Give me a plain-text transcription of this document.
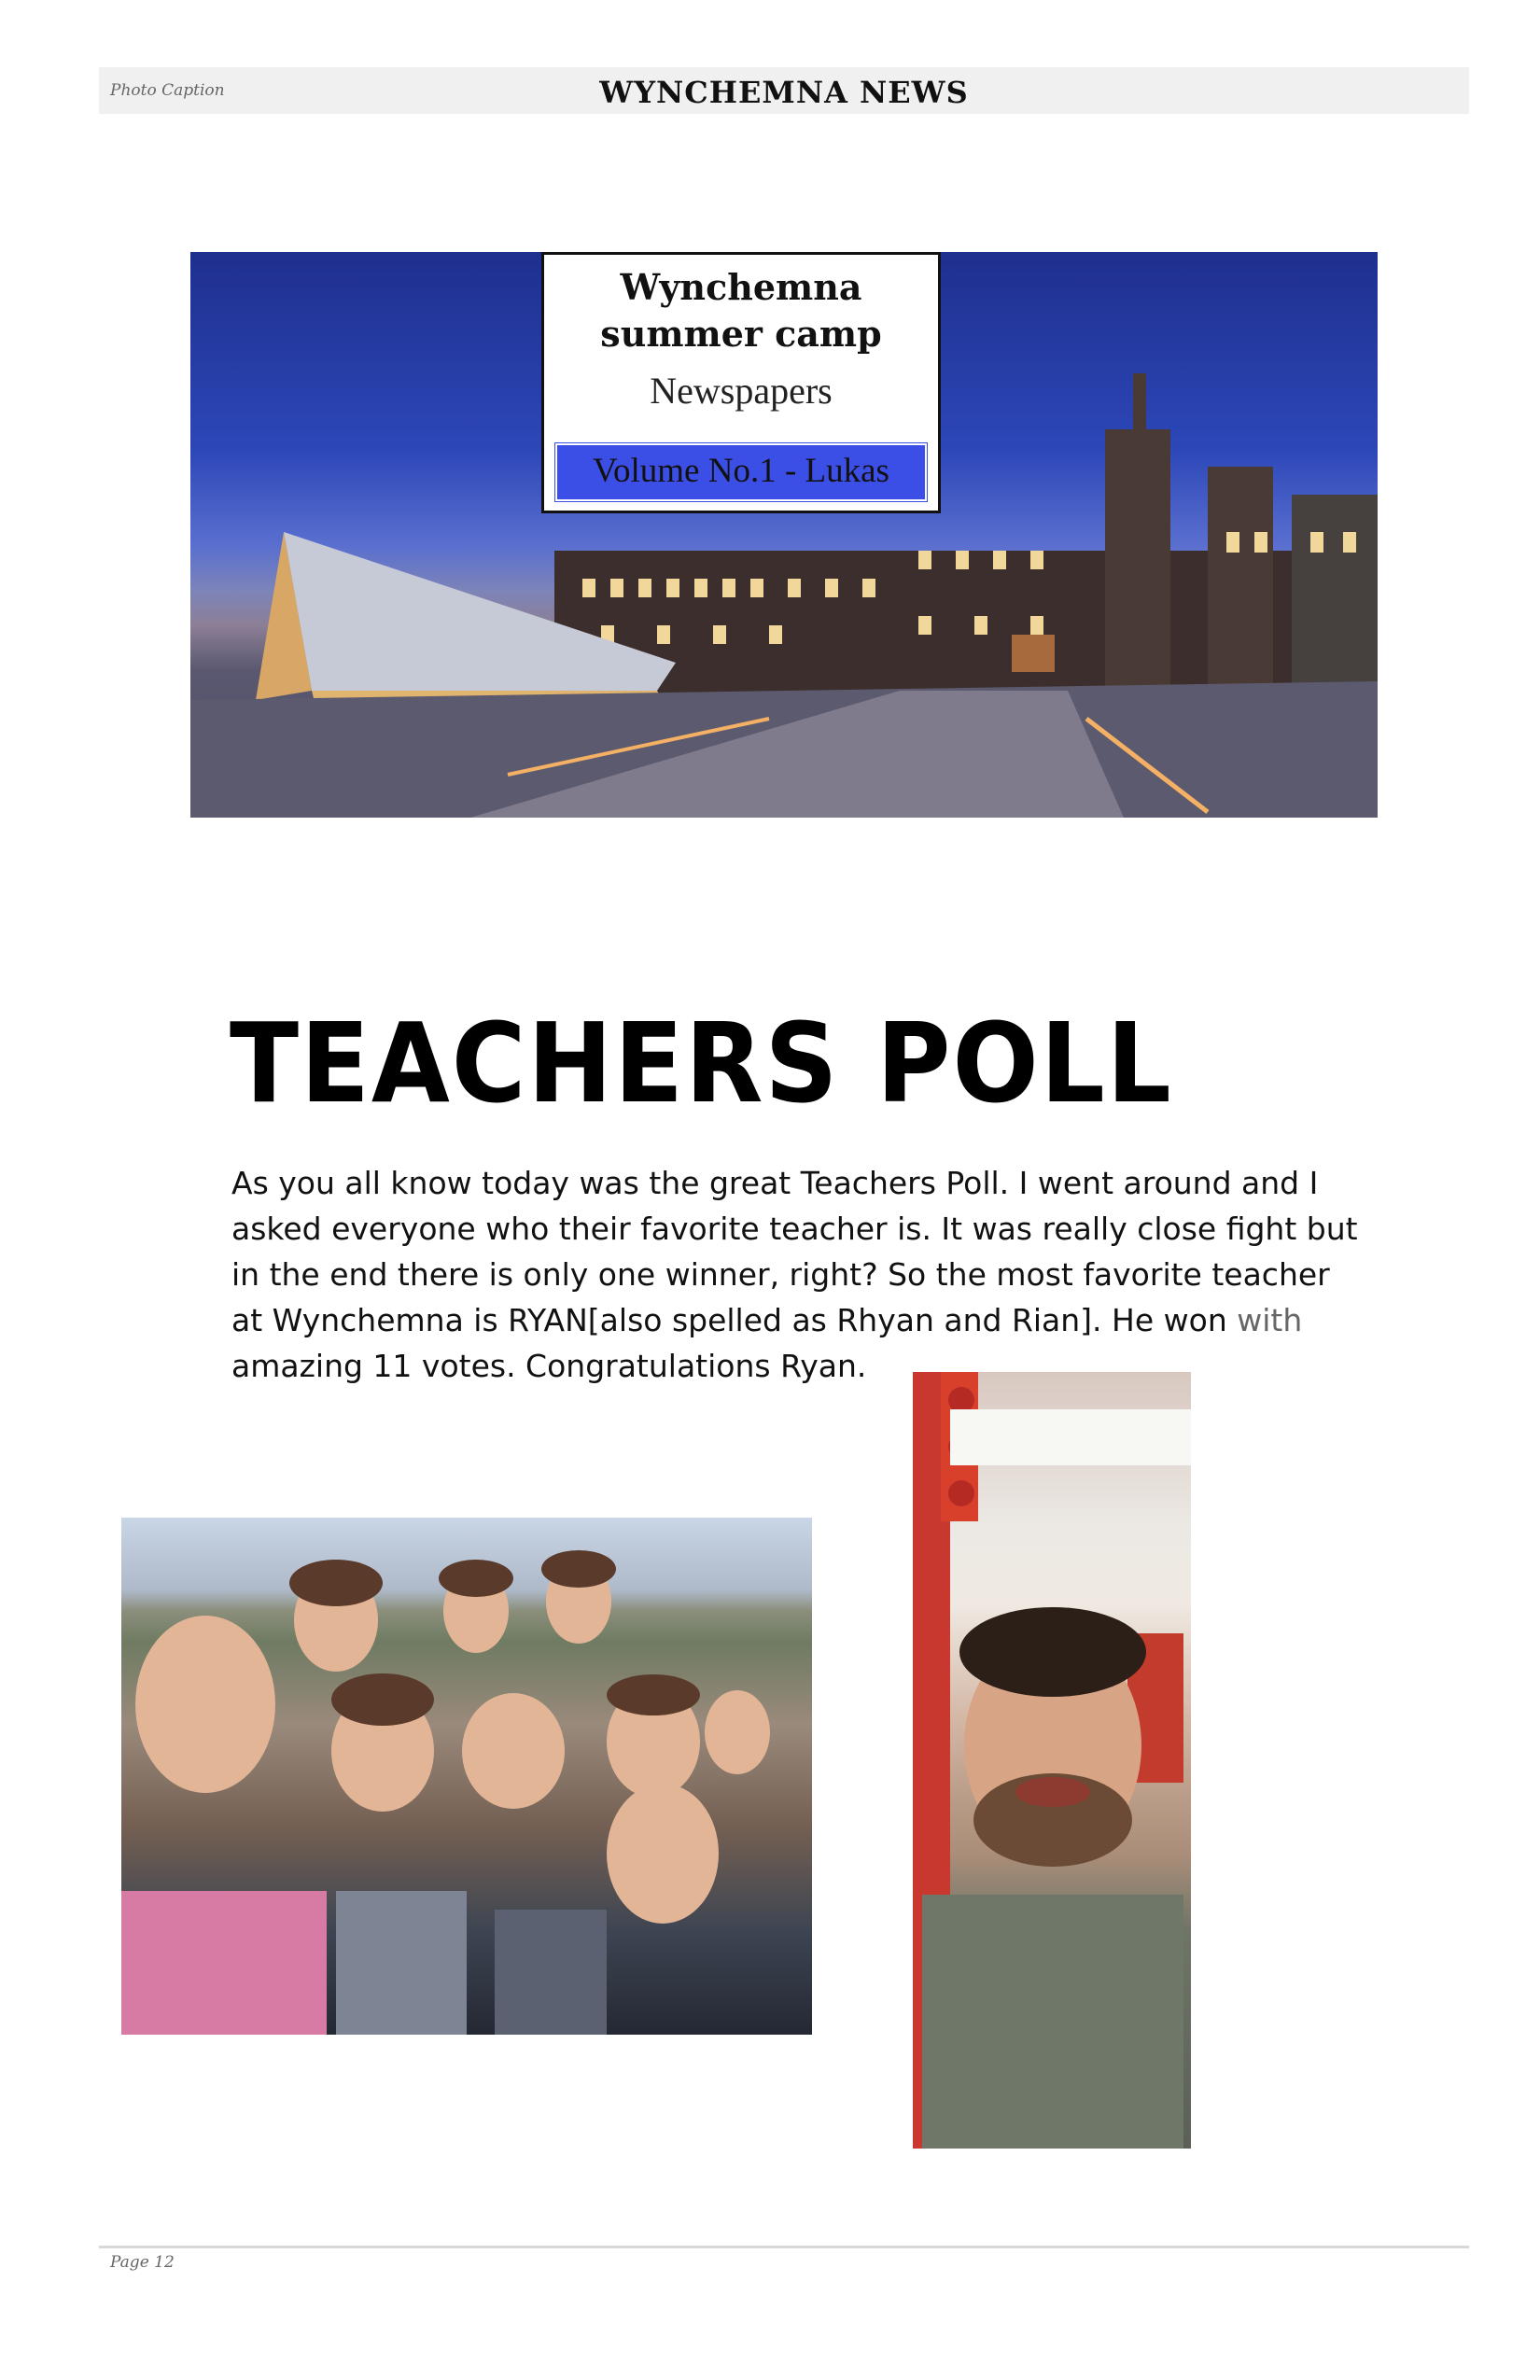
Photo Caption	WYNCHEMNA NEWS
Wynchemna
summer camp
Newspapers
Volume No.1 - Lukas
TEACHERS POLL
As you all know today was the great Teachers Poll. I went around and I asked everyone who their favorite teacher is. It was really close fight but in the end there is only one winner, right? So the most favorite teacher at Wynchemna is RYAN[also spelled as Rhyan and Rian]. He won with amazing 11 votes. Congratulations Ryan.
Page 12
